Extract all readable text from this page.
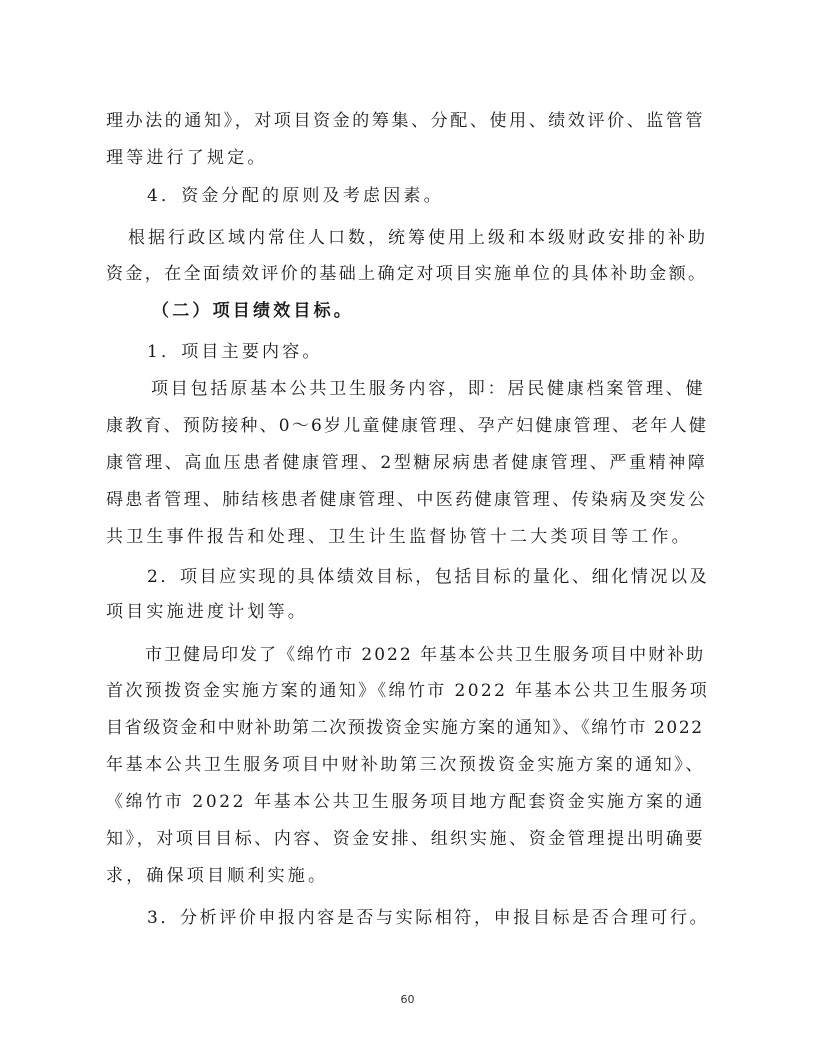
理办法的通知》，对项目资金的筹集、分配、使用、绩效评价、监管管
理等进行了规定。
4．资金分配的原则及考虑因素。
根据行政区域内常住人口数，统筹使用上级和本级财政安排的补助
资金，在全面绩效评价的基础上确定对项目实施单位的具体补助金额。
（二）项目绩效目标。
1．项目主要内容。
项目包括原基本公共卫生服务内容，即：居民健康档案管理、健
康教育、预防接种、0～6岁儿童健康管理、孕产妇健康管理、老年人健
康管理、高血压患者健康管理、2型糖尿病患者健康管理、严重精神障
碍患者管理、肺结核患者健康管理、中医药健康管理、传染病及突发公
共卫生事件报告和处理、卫生计生监督协管十二大类项目等工作。
2．项目应实现的具体绩效目标，包括目标的量化、细化情况以及
项目实施进度计划等。
市卫健局印发了《绵竹市 2022 年基本公共卫生服务项目中财补助
首次预拨资金实施方案的通知》《绵竹市 2022 年基本公共卫生服务项
目省级资金和中财补助第二次预拨资金实施方案的通知》、《绵竹市 2022
年基本公共卫生服务项目中财补助第三次预拨资金实施方案的通知》、
《绵竹市 2022 年基本公共卫生服务项目地方配套资金实施方案的通
知》，对项目目标、内容、资金安排、组织实施、资金管理提出明确要
求，确保项目顺利实施。
3．分析评价申报内容是否与实际相符，申报目标是否合理可行。
60
